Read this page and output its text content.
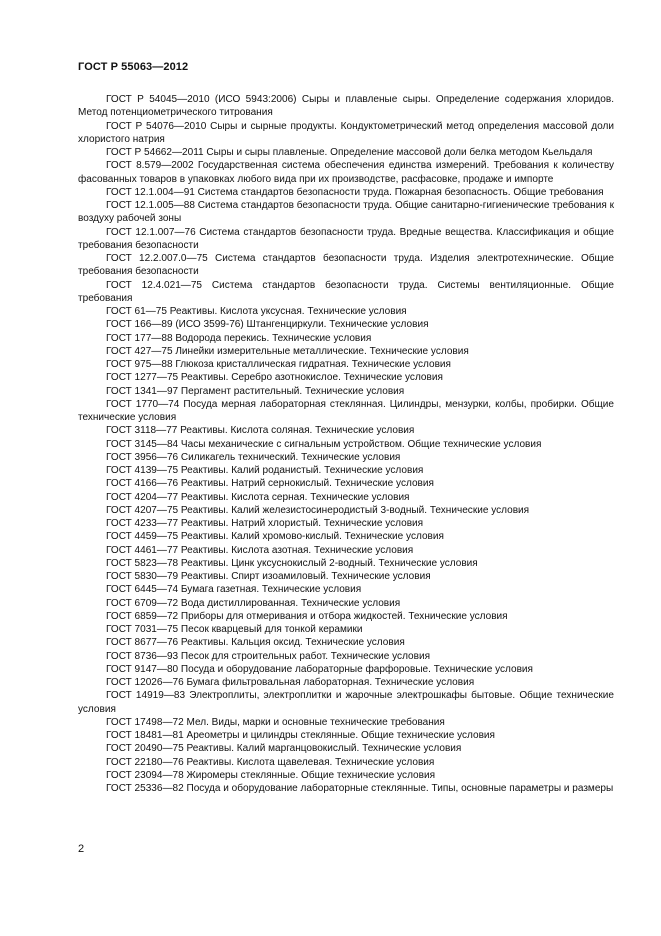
ГОСТ Р 55063—2012

ГОСТ Р 54045—2010 (ИСО 5943:2006) Сыры и плавленые сыры. Определение содержания хлоридов. Метод потенциометрического титрования

ГОСТ Р 54076—2010 Сыры и сырные продукты. Кондуктометрический метод определения массовой доли хлористого натрия

ГОСТ Р 54662—2011 Сыры и сыры плавленые. Определение массовой доли белка методом Кьельдаля

ГОСТ 8.579—2002 Государственная система обеспечения единства измерений. Требования к количеству фасованных товаров в упаковках любого вида при их производстве, расфасовке, продаже и импорте

ГОСТ 12.1.004—91 Система стандартов безопасности труда. Пожарная безопасность. Общие требования

ГОСТ 12.1.005—88 Система стандартов безопасности труда. Общие санитарно-гигиенические требования к воздуху рабочей зоны

ГОСТ 12.1.007—76 Система стандартов безопасности труда. Вредные вещества. Классификация и общие требования безопасности

ГОСТ 12.2.007.0—75 Система стандартов безопасности труда. Изделия электротехнические. Общие требования безопасности

ГОСТ 12.4.021—75 Система стандартов безопасности труда. Системы вентиляционные. Общие требования

ГОСТ 61—75 Реактивы. Кислота уксусная. Технические условия

ГОСТ 166—89 (ИСО 3599-76) Штангенциркули. Технические условия

ГОСТ 177—88 Водорода перекись. Технические условия

ГОСТ 427—75 Линейки измерительные металлические. Технические условия

ГОСТ 975—88 Глюкоза кристаллическая гидратная. Технические условия

ГОСТ 1277—75 Реактивы. Серебро азотнокислое. Технические условия

ГОСТ 1341—97 Пергамент растительный. Технические условия

ГОСТ 1770—74 Посуда мерная лабораторная стеклянная. Цилиндры, мензурки, колбы, пробирки. Общие технические условия

ГОСТ 3118—77 Реактивы. Кислота соляная. Технические условия

ГОСТ 3145—84 Часы механические с сигнальным устройством. Общие технические условия

ГОСТ 3956—76 Силикагель технический. Технические условия

ГОСТ 4139—75 Реактивы. Калий роданистый. Технические условия

ГОСТ 4166—76 Реактивы. Натрий сернокислый. Технические условия

ГОСТ 4204—77 Реактивы. Кислота серная. Технические условия

ГОСТ 4207—75 Реактивы. Калий железистосинеродистый 3-водный. Технические условия

ГОСТ 4233—77 Реактивы. Натрий хлористый. Технические условия

ГОСТ 4459—75 Реактивы. Калий хромово-кислый. Технические условия

ГОСТ 4461—77 Реактивы. Кислота азотная. Технические условия

ГОСТ 5823—78 Реактивы. Цинк уксуснокислый 2-водный. Технические условия

ГОСТ 5830—79 Реактивы. Спирт изоамиловый. Технические условия

ГОСТ 6445—74 Бумага газетная. Технические условия

ГОСТ 6709—72 Вода дистиллированная. Технические условия

ГОСТ 6859—72 Приборы для отмеривания и отбора жидкостей. Технические условия

ГОСТ 7031—75 Песок кварцевый для тонкой керамики

ГОСТ 8677—76 Реактивы. Кальция оксид. Технические условия

ГОСТ 8736—93 Песок для строительных работ. Технические условия

ГОСТ 9147—80 Посуда и оборудование лабораторные фарфоровые. Технические условия

ГОСТ 12026—76 Бумага фильтровальная лабораторная. Технические условия

ГОСТ 14919—83 Электроплиты, электроплитки и жарочные электрошкафы бытовые. Общие технические условия

ГОСТ 17498—72 Мел. Виды, марки и основные технические требования

ГОСТ 18481—81 Ареометры и цилиндры стеклянные. Общие технические условия

ГОСТ 20490—75 Реактивы. Калий марганцовокислый. Технические условия

ГОСТ 22180—76 Реактивы. Кислота щавелевая. Технические условия

ГОСТ 23094—78 Жиромеры стеклянные. Общие технические условия

ГОСТ 25336—82 Посуда и оборудование лабораторные стеклянные. Типы, основные параметры и размеры

2
